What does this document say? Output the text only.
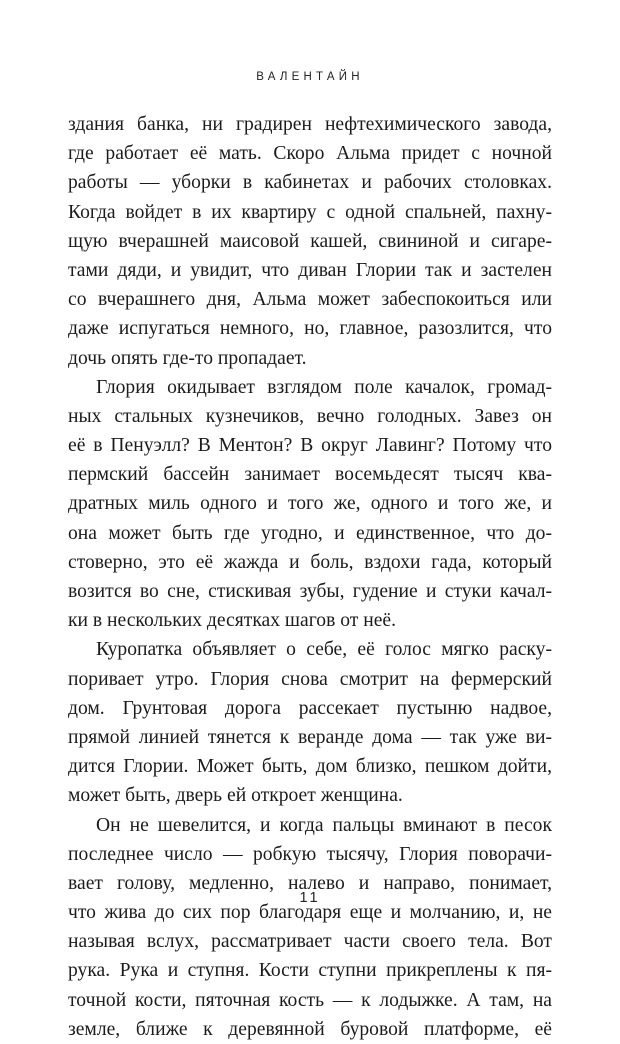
ВАЛЕНТАЙН
здания банка, ни градирен нефтехимического завода,
где работает её мать. Скоро Альма придет с ночной
работы — уборки в кабинетах и рабочих столовках.
Когда войдет в их квартиру с одной спальней, пахну-
щую вчерашней маисовой кашей, свининой и сигаре-
тами дяди, и увидит, что диван Глории так и застелен
со вчерашнего дня, Альма может забеспокоиться или
даже испугаться немного, но, главное, разозлится, что
дочь опять где-то пропадает.
Глория окидывает взглядом поле качалок, громад-
ных стальных кузнечиков, вечно голодных. Завез он
её в Пенуэлл? В Ментон? В округ Лавинг? Потому что
пермский бассейн занимает восемьдесят тысяч ква-
дратных миль одного и того же, одного и того же, и
она может быть где угодно, и единственное, что до-
стоверно, это её жажда и боль, вздохи гада, который
возится во сне, стискивая зубы, гудение и стуки качал-
ки в нескольких десятках шагов от неё.
Куропатка объявляет о себе, её голос мягко раску-
поривает утро. Глория снова смотрит на фермерский
дом. Грунтовая дорога рассекает пустыню надвое,
прямой линией тянется к веранде дома — так уже ви-
дится Глории. Может быть, дом близко, пешком дойти,
может быть, дверь ей откроет женщина.
Он не шевелится, и когда пальцы вминают в песок
последнее число — робкую тысячу, Глория поворачи-
вает голову, медленно, налево и направо, понимает,
что жива до сих пор благодаря еще и молчанию, и, не
называя вслух, рассматривает части своего тела. Вот
рука. Рука и ступня. Кости ступни прикреплены к пя-
точной кости, пяточная кость — к лодыжке. А там, на
земле, ближе к деревянной буровой платформе, её
11
